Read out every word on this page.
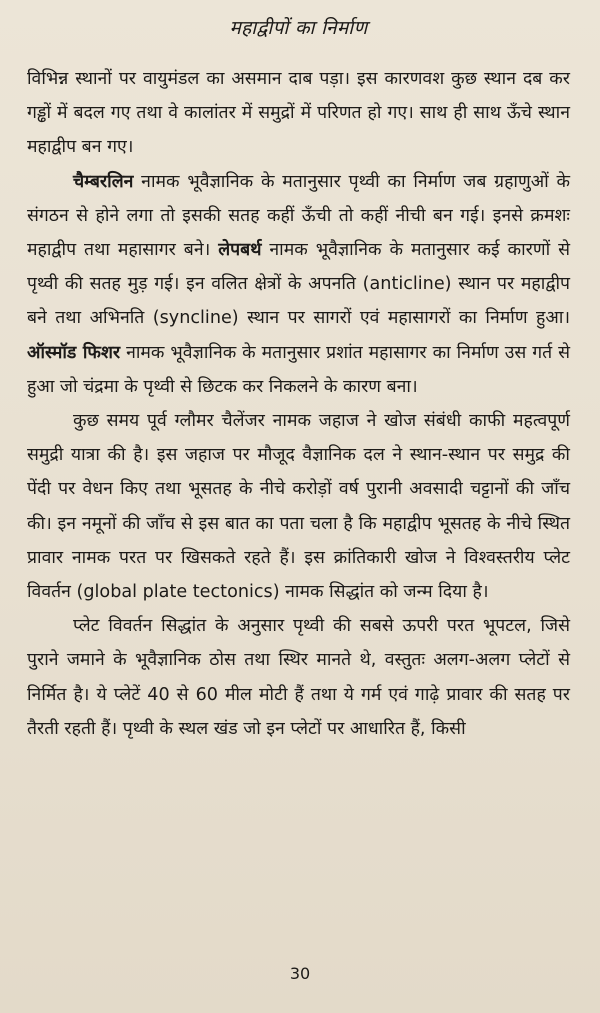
महाद्वीपों का निर्माण

विभिन्न स्थानों पर वायुमंडल का असमान दाब पड़ा। इस कारणवश कुछ स्थान दब कर गड्ढों में बदल गए तथा वे कालांतर में समुद्रों में परिणत हो गए। साथ ही साथ ऊँचे स्थान महाद्वीप बन गए।

चैम्बरलिन नामक भूवैज्ञानिक के मतानुसार पृथ्वी का निर्माण जब ग्रहाणुओं के संगठन से होने लगा तो इसकी सतह कहीं ऊँची तो कहीं नीची बन गई। इनसे क्रमशः महाद्वीप तथा महासागर बने। लेपबर्थ नामक भूवैज्ञानिक के मतानुसार कई कारणों से पृथ्वी की सतह मुड़ गई। इन वलित क्षेत्रों के अपनति (anticline) स्थान पर महाद्वीप बने तथा अभिनति (syncline) स्थान पर सागरों एवं महासागरों का निर्माण हुआ। ऑस्मॉड फिशर नामक भूवैज्ञानिक के मतानुसार प्रशांत महासागर का निर्माण उस गर्त से हुआ जो चंद्रमा के पृथ्वी से छिटक कर निकलने के कारण बना।

कुछ समय पूर्व ग्लौमर चैलेंजर नामक जहाज ने खोज संबंधी काफी महत्वपूर्ण समुद्री यात्रा की है। इस जहाज पर मौजूद वैज्ञानिक दल ने स्थान-स्थान पर समुद्र की पेंदी पर वेधन किए तथा भूसतह के नीचे करोड़ों वर्ष पुरानी अवसादी चट्टानों की जाँच की। इन नमूनों की जाँच से इस बात का पता चला है कि महाद्वीप भूसतह के नीचे स्थित प्रावार नामक परत पर खिसकते रहते हैं। इस क्रांतिकारी खोज ने विश्वस्तरीय प्लेट विवर्तन (global plate tectonics) नामक सिद्धांत को जन्म दिया है।

प्लेट विवर्तन सिद्धांत के अनुसार पृथ्वी की सबसे ऊपरी परत भूपटल, जिसे पुराने जमाने के भूवैज्ञानिक ठोस तथा स्थिर मानते थे, वस्तुतः अलग-अलग प्लेटों से निर्मित है। ये प्लेटें 40 से 60 मील मोटी हैं तथा ये गर्म एवं गाढ़े प्रावार की सतह पर तैरती रहती हैं। पृथ्वी के स्थल खंड जो इन प्लेटों पर आधारित हैं, किसी

30
